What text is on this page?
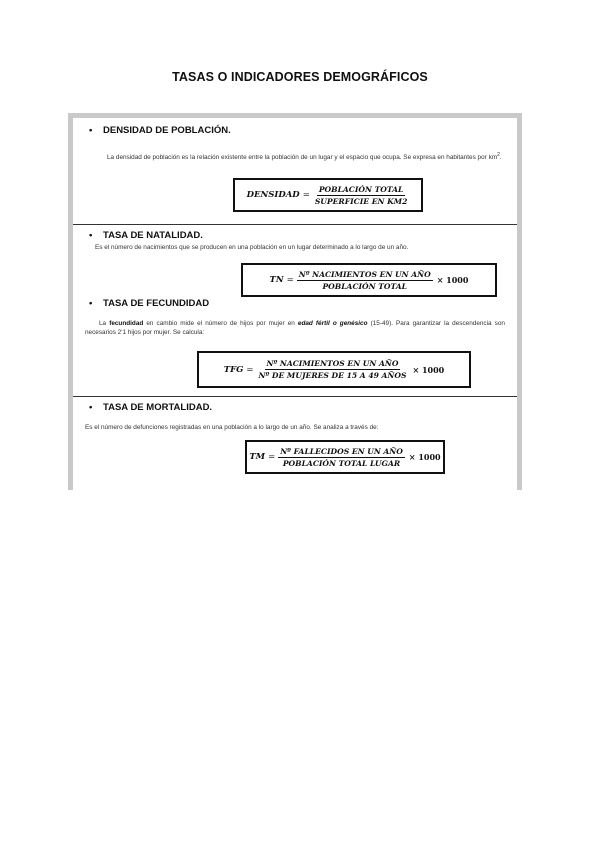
TASAS O INDICADORES DEMOGRÁFICOS
• DENSIDAD DE POBLACIÓN.
La densidad de población es la relación existente entre la población de un lugar y el espacio que ocupa. Se expresa en habitantes por $km^2$.
DENSIDAD = $\frac{\text{POBLACIÓN TOTAL}}{\text{SUPERFICIE EN KM2}}$
• TASA DE NATALIDAD.
Es el número de nacimientos que se producen en una población en un lugar determinado a lo largo de un año.
TN = $\frac{\text{Nº NACIMIENTOS EN UN AÑO}}{\text{POBLACIÓN TOTAL}} \times 1000$
• TASA DE FECUNDIDAD
La fecundidad en cambio mide el número de hijos por mujer en edad fértil o genésico (15-49). Para garantizar la descendencia son necesarios 2'1 hijos por mujer. Se calcula:
TFG = $\frac{\text{Nº NACIMIENTOS EN UN AÑO}}{\text{Nº DE MUJERES DE 15 A 49 AÑOS}} \times 1000$
• TASA DE MORTALIDAD.
Es el número de defunciones registradas en una población a lo largo de un año. Se analiza a través de:
TM = $\frac{\text{Nº FALLECIDOS EN UN AÑO}}{\text{POBLACIÓN TOTAL LUGAR}} \times 1000$
